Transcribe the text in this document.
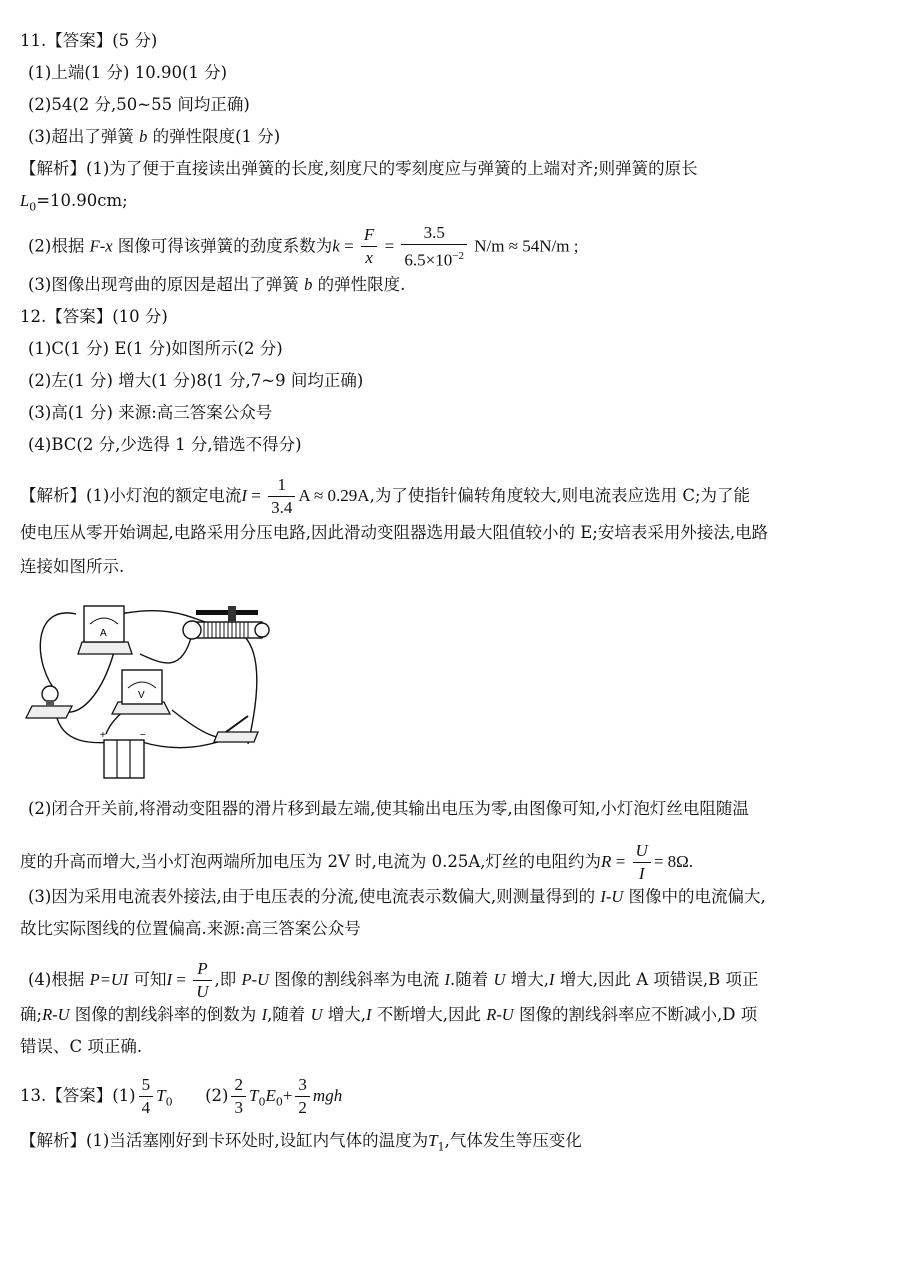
11.【答案】(5 分)
(1)上端(1 分) 10.90(1 分)
(2)54(2 分,50~55 间均正确)
(3)超出了弹簧 b 的弹性限度(1 分)
【解析】(1)为了便于直接读出弹簧的长度,刻度尺的零刻度应与弹簧的上端对齐;则弹簧的原长
$L_0=10.90cm$;
(2)根据 F-x 图像可得该弹簧的劲度系数为$k = \frac{F}{x} = \frac{3.5}{6.5\times 10^{-2}} N/m \approx 54N/m$ ;
(3)图像出现弯曲的原因是超出了弹簧 b 的弹性限度.
12.【答案】(10 分)
(1)C(1 分) E(1 分)如图所示(2 分)
(2)左(1 分) 增大(1 分)8(1 分,7~9 间均正确)
(3)高(1 分) 来源:高三答案公众号
(4)BC(2 分,少选得 1 分,错选不得分)
【解析】(1)小灯泡的额定电流$I = \frac{1}{3.4}$ A ≈ 0.29A,为了使指针偏转角度较大,则电流表应选用 C;为了能
使电压从零开始调起,电路采用分压电路,因此滑动变阻器选用最大阻值较小的 E;安培表采用外接法,电路
连接如图所示.
A
V
+	−
(2)闭合开关前,将滑动变阻器的滑片移到最左端,使其输出电压为零,由图像可知,小灯泡灯丝电阻随温
度的升高而增大,当小灯泡两端所加电压为 2V 时,电流为 0.25A,灯丝的电阻约为$R = \frac{U}{I} = 8\Omega$.
(3)因为采用电流表外接法,由于电压表的分流,使电流表示数偏大,则测量得到的 I-U 图像中的电流偏大,
故比实际图线的位置偏高.来源:高三答案公众号
(4)根据 P=UI 可知$I = \frac{P}{U}$ ,即 P-U 图像的割线斜率为电流 I.随着 U 增大,I 增大,因此 A 项错误,B 项正
确;R-U 图像的割线斜率的倒数为 I,随着 U 增大,I 不断增大,因此 R-U 图像的割线斜率应不断减小,D 项
错误、C 项正确.
13.【答案】$(1) \frac{5}{4} T_0$ $(2) \frac{2}{3} T_0E_0+ \frac{3}{2}$ mgh
【解析】(1)当活塞刚好到卡环处时,设缸内气体的温度为$T_1$,气体发生等压变化
